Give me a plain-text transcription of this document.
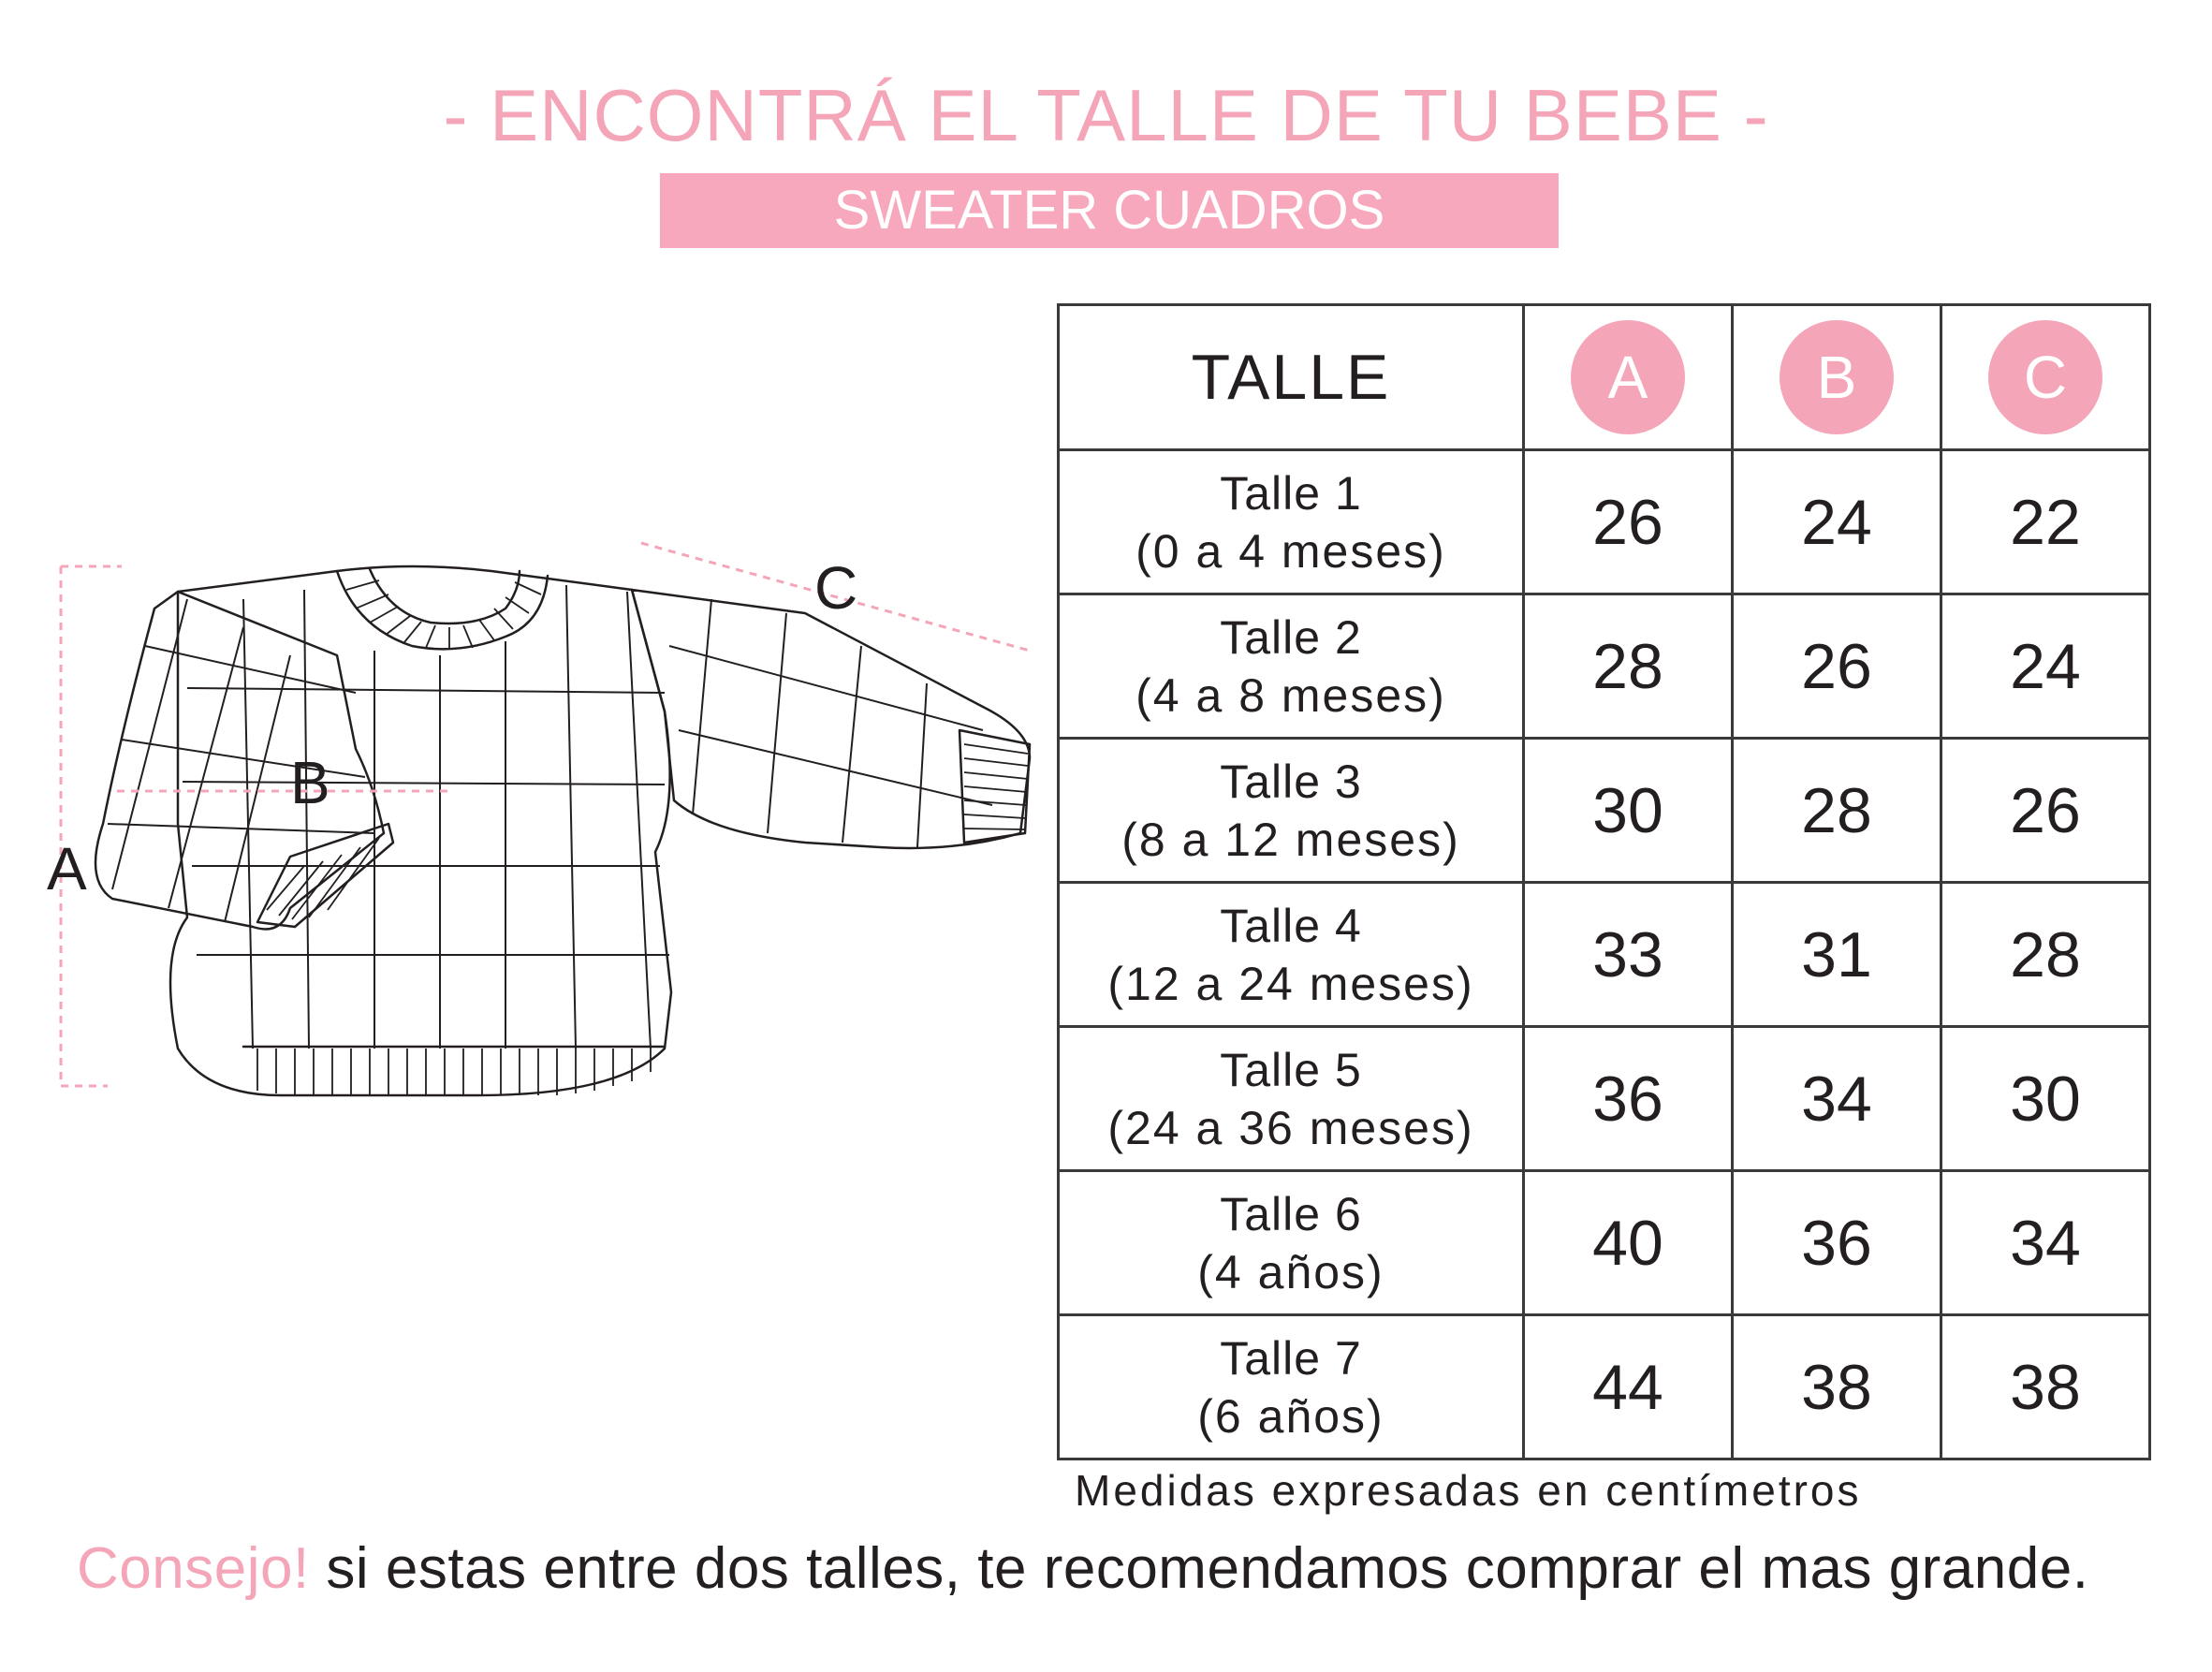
- ENCONTRÁ EL TALLE DE TU BEBE -
SWEATER CUADROS
A
B
C
TALLE	A	B	C

Talle 1
(0 a 4 meses)	26	24	22

Talle 2
(4 a 8 meses)	28	26	24

Talle 3
(8 a 12 meses)	30	28	26

Talle 4
(12 a 24 meses)	33	31	28

Talle 5
(24 a 36 meses)	36	34	30

Talle 6
(4 años)	40	36	34

Talle 7
(6 años)	44	38	38

Medidas expresadas en centímetros

Consejo! si estas entre dos talles, te recomendamos comprar el mas grande.
